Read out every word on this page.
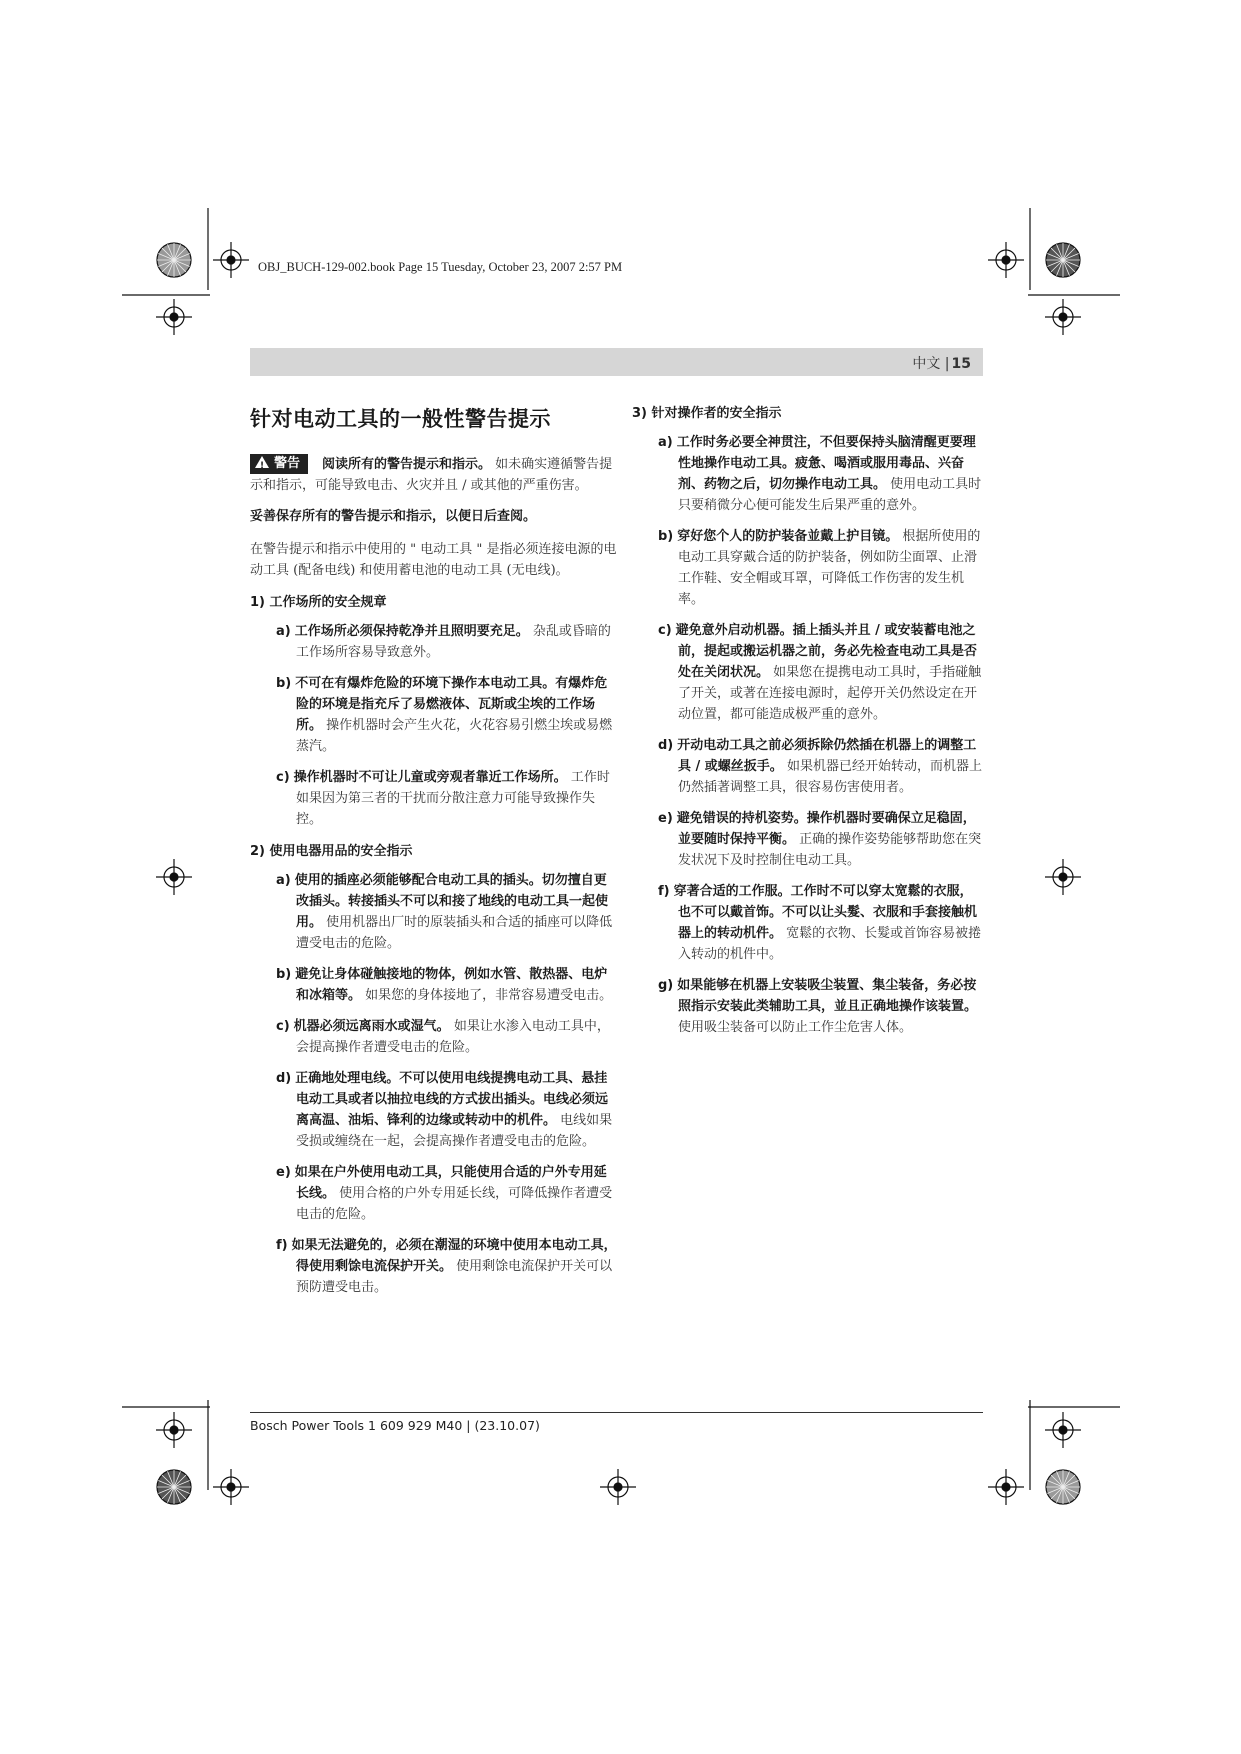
OBJ_BUCH-129-002.book Page 15 Tuesday, October 23, 2007 2:57 PM
中文 | 15
针对电动工具的一般性警告提示
! 警告 阅读所有的警告提示和指示。 如未确实遵循警告提示和指示，可能导致电击、火灾并且 / 或其他的严重伤害。
妥善保存所有的警告提示和指示，以便日后查阅。
在警告提示和指示中使用的 " 电动工具 " 是指必须连接电源的电动工具 (配备电线) 和使用蓄电池的电动工具 (无电线)。
1) 工作场所的安全规章
a) 工作场所必须保持乾净并且照明要充足。 杂乱或昏暗的工作场所容易导致意外。
b) 不可在有爆炸危险的环境下操作本电动工具。有爆炸危险的环境是指充斥了易燃液体、瓦斯或尘埃的工作场所。 操作机器时会产生火花，火花容易引燃尘埃或易燃蒸汽。
c) 操作机器时不可让儿童或旁观者靠近工作场所。 工作时如果因为第三者的干扰而分散注意力可能导致操作失控。
2) 使用电器用品的安全指示
a) 使用的插座必须能够配合电动工具的插头。切勿擅自更改插头。转接插头不可以和接了地线的电动工具一起使用。 使用机器出厂时的原装插头和合适的插座可以降低遭受电击的危险。
b) 避免让身体碰触接地的物体，例如水管、散热器、电炉和冰箱等。 如果您的身体接地了，非常容易遭受电击。
c) 机器必须远离雨水或湿气。 如果让水渗入电动工具中，会提高操作者遭受电击的危险。
d) 正确地处理电线。不可以使用电线提携电动工具、悬挂电动工具或者以抽拉电线的方式拔出插头。电线必须远离高温、油垢、锋利的边缘或转动中的机件。 电线如果受损或缠绕在一起，会提高操作者遭受电击的危险。
e) 如果在户外使用电动工具，只能使用合适的户外专用延长线。 使用合格的户外专用延长线，可降低操作者遭受电击的危险。
f) 如果无法避免的，必须在潮湿的环境中使用本电动工具，得使用剩馀电流保护开关。 使用剩馀电流保护开关可以预防遭受电击。
3) 针对操作者的安全指示
a) 工作时务必要全神贯注，不但要保持头脑清醒更要理性地操作电动工具。疲惫、喝酒或服用毒品、兴奋剂、药物之后，切勿操作电动工具。 使用电动工具时只要稍微分心便可能发生后果严重的意外。
b) 穿好您个人的防护装备並戴上护目镜。 根据所使用的电动工具穿戴合适的防护装备，例如防尘面罩、止滑工作鞋、安全帽或耳罩，可降低工作伤害的发生机率。
c) 避免意外启动机器。插上插头并且 / 或安装蓄电池之前，提起或搬运机器之前，务必先检查电动工具是否处在关闭状况。 如果您在提携电动工具时，手指碰触了开关，或著在连接电源时，起停开关仍然设定在开动位置，都可能造成极严重的意外。
d) 开动电动工具之前必须拆除仍然插在机器上的调整工具 / 或螺丝扳手。 如果机器已经开始转动，而机器上仍然插著调整工具，很容易伤害使用者。
e) 避免错误的持机姿势。操作机器时要确保立足稳固，並要随时保持平衡。 正确的操作姿势能够帮助您在突发状况下及时控制住电动工具。
f) 穿著合适的工作服。工作时不可以穿太宽鬆的衣服，也不可以戴首饰。不可以让头髮、衣服和手套接触机器上的转动机件。 宽鬆的衣物、长髮或首饰容易被捲入转动的机件中。
g) 如果能够在机器上安装吸尘装置、集尘装备，务必按照指示安装此类辅助工具，並且正确地操作该装置。 使用吸尘装备可以防止工作尘危害人体。
Bosch Power Tools 1 609 929 M40 | (23.10.07)
